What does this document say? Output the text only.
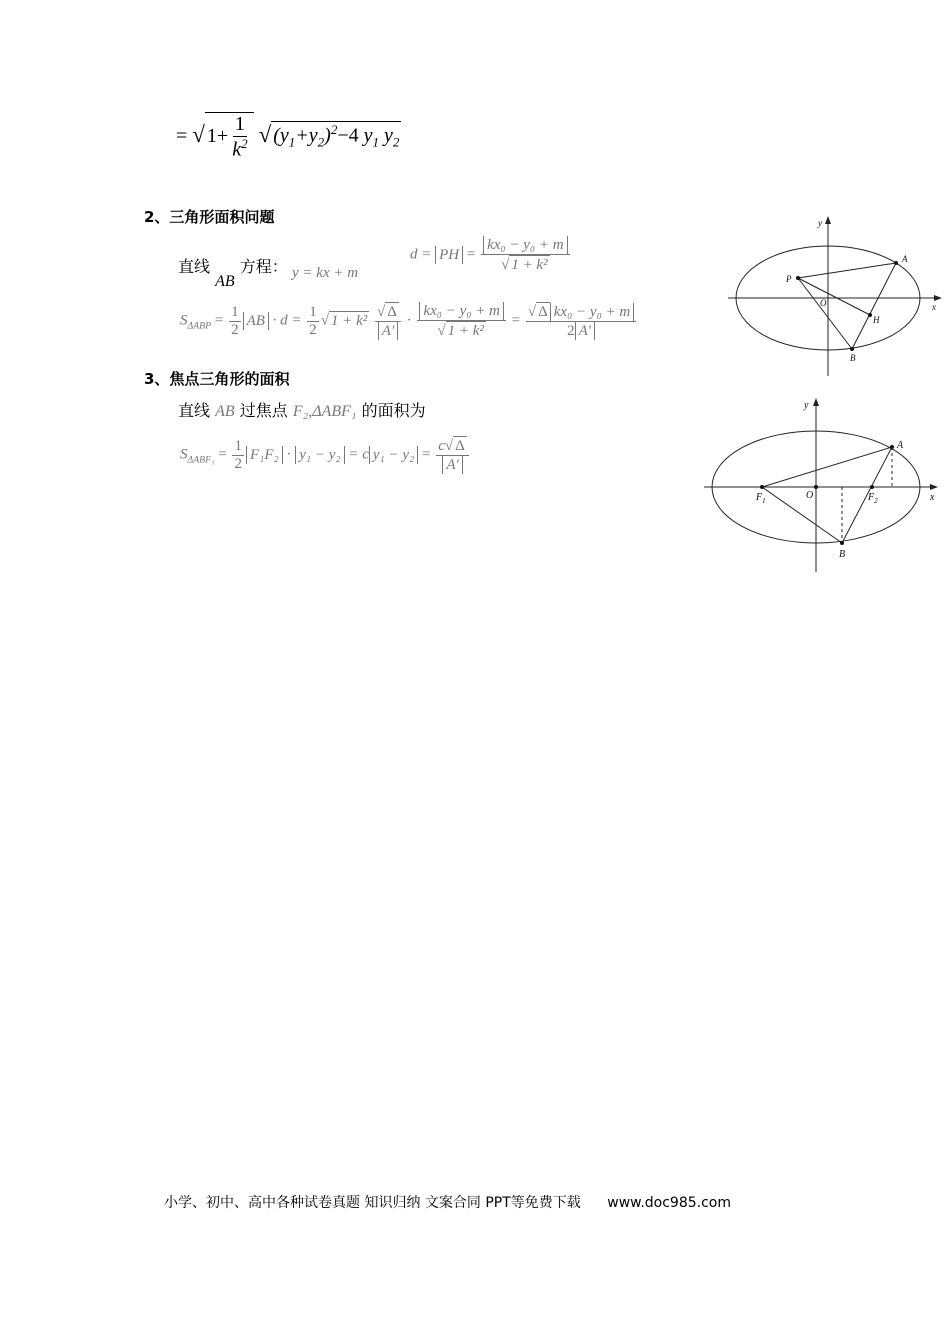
= √ $1+ \frac{1}{k^2}$ √ $(y_1+y_2)^2-4$ $y_1$ $y_2$
2、三角形面积问题
直线 AB 方程： y = kx + m
d = PH = $\frac{\text{kx₀ − y₀ + m}}{\text{√ 1 + k²}}$
$S_{\Delta ABP} = \frac{1}{2}$ AB · $d = \frac{1}{2}$ √ $1 + k^2 \frac{√ \Delta}{A'} \cdot \frac{\text{kx₀ − y₀ + m}}{\text{√ 1 + k²}} = \frac{\text{√ Δ kx₀ − y₀ + m}}{2 A'}$
3、焦点三角形的面积
直线 AB 过焦点 F₂,ΔABF₁ 的面积为
$S_{\Delta ABF_1} = \frac{1}{2} F_1F_2 \cdot y_1 - y_2 = c$ $y_1 - y_2 = \frac{c√ \Delta}{A'}$
y
x
A
P
O
H
B
y
x
A
$F_1$	O	$F_2$
B
小学、初中、高中各种试卷真题 知识归纳 文案合同 PPT等免费下载 www.doc985.com
